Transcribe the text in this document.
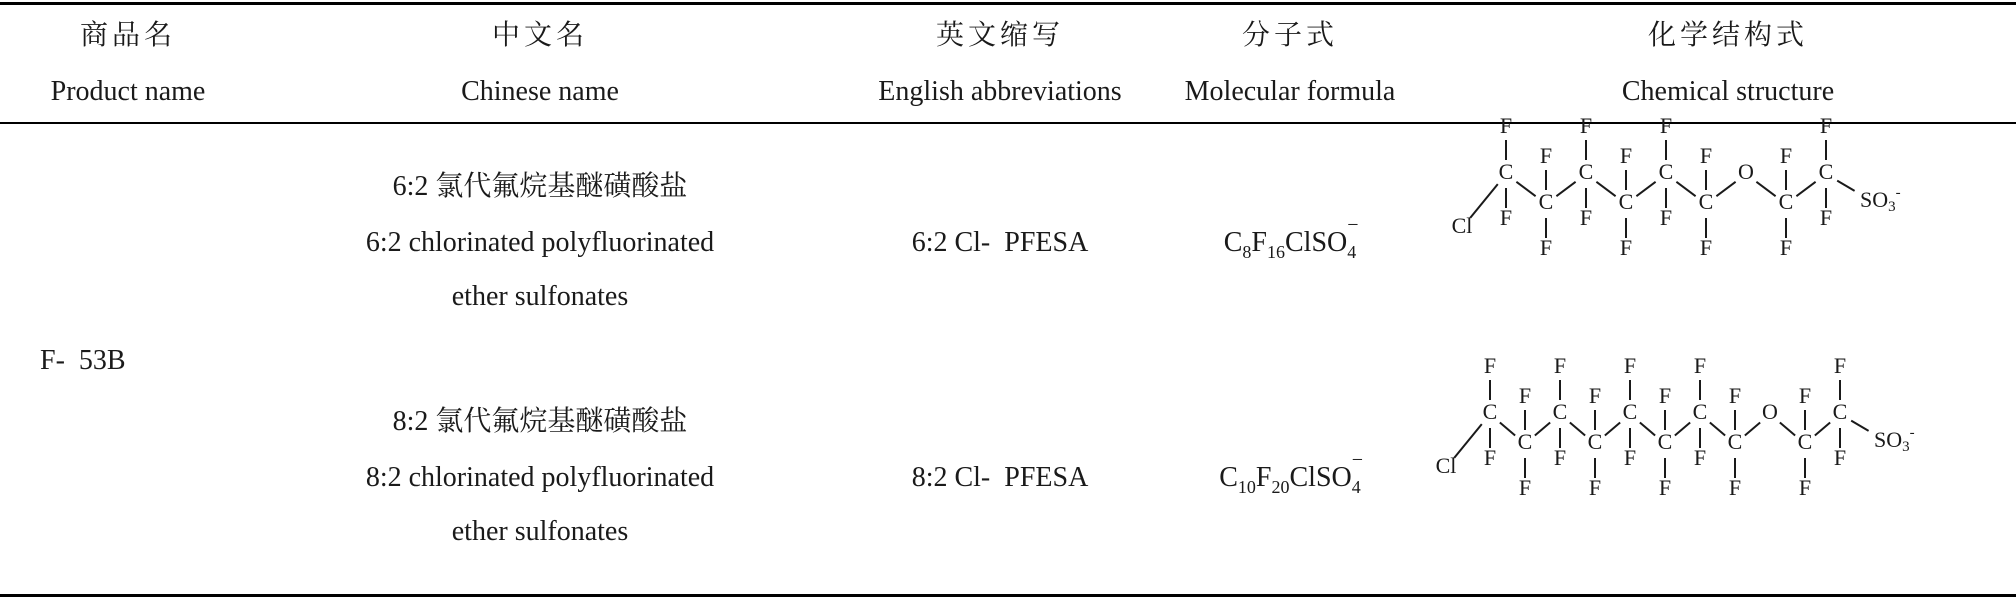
商品名
Product name
中文名
Chinese name
英文缩写
English abbreviations
分子式
Molecular formula
化学结构式
Chemical structure
F-  53B
6:2 氯代氟烷基醚磺酸盐
6:2 chlorinated polyfluorinated
ether sulfonates
6:2 Cl-  PFESA	$C_8F_{16}ClSO_4$
−
8:2 氯代氟烷基醚磺酸盐
8:2 chlorinated polyfluorinated
ether sulfonates
8:2 Cl-  PFESA	$C_{10}F_{20}ClSO_4$
−
Cl
C
F
F
C
F
F
C
F
F
C
F
F
C
F
F
C
F
F
O
C
F
F
C
F
F
$SO_3^-$
Cl
C
F
F
C
F
F
C
F
F
C
F
F
C
F
F
C
F
F
C
F
F
C
F
F
O
C
F
F
C
F
F
$SO_3^-$
